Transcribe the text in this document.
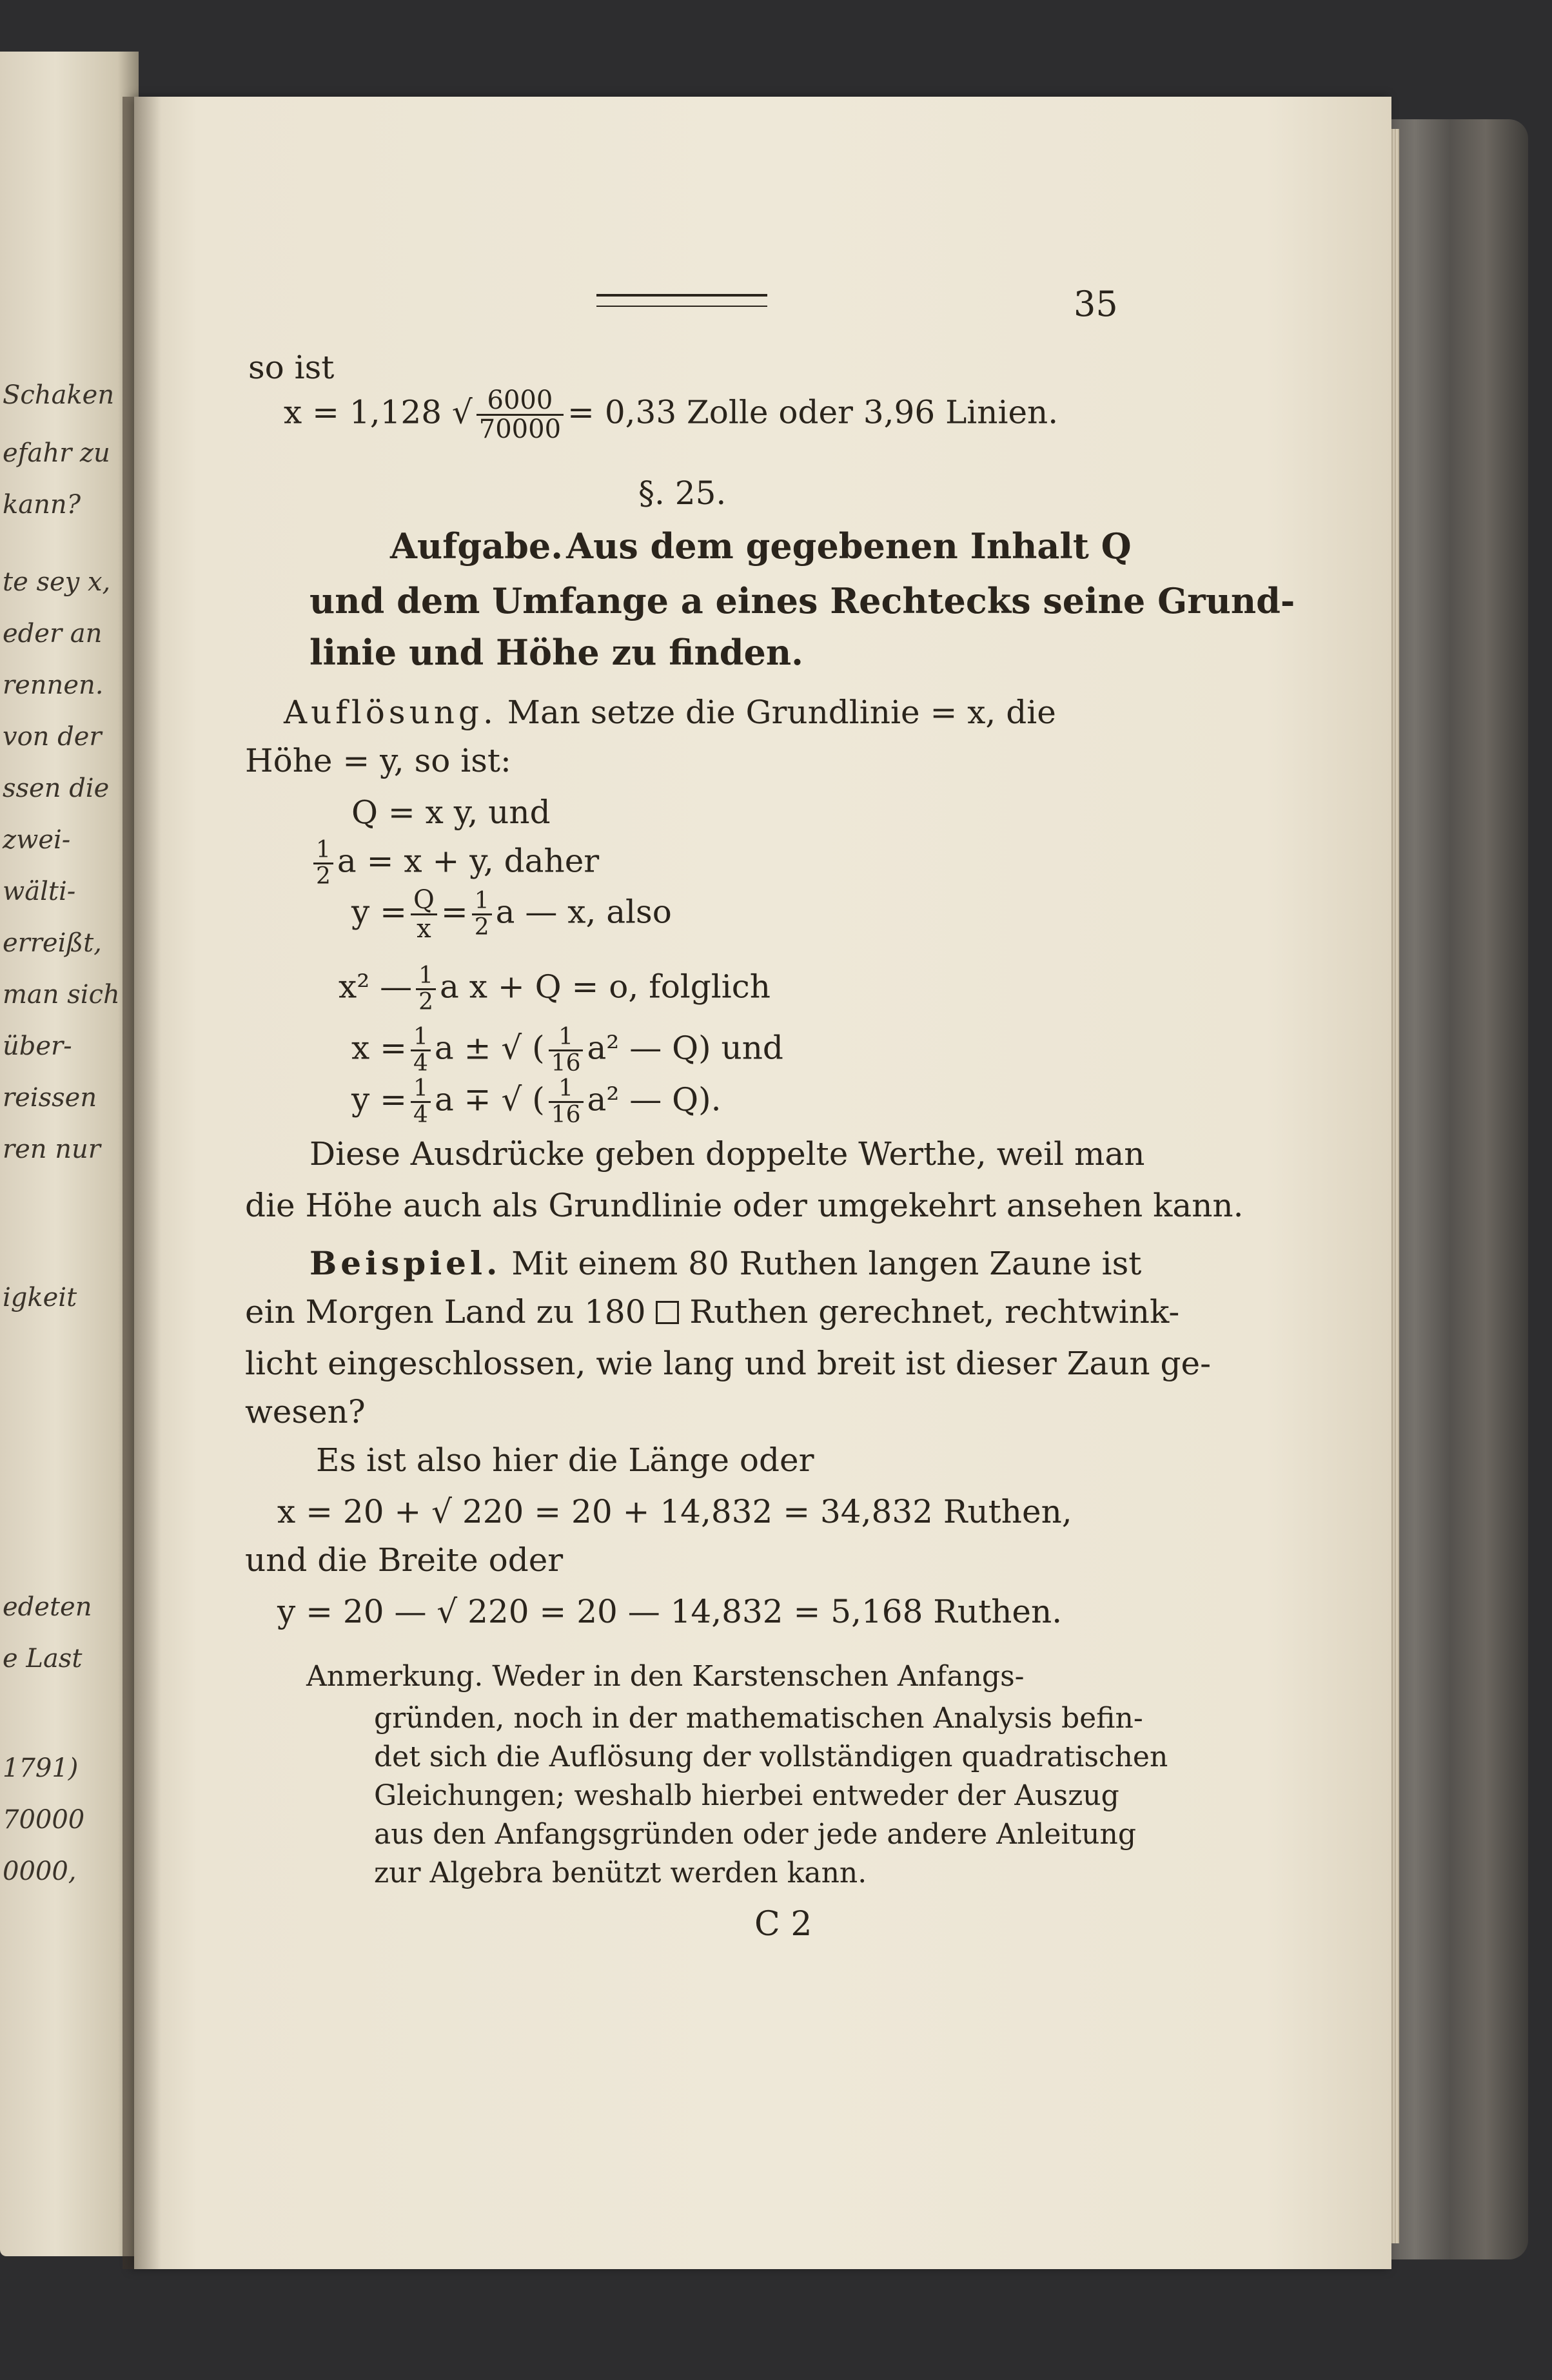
Schaken
efahr zu
kann?
te sey x,
eder an
rennen.
von der
ssen die
zwei-
wälti-
erreißt,
man sich
über-
reissen
ren nur
igkeit
edeten
e Last
1791)
70000
0000,
35
so ist
x = 1,128 √ $\frac{6000}{70000} = 0,33$ Zolle oder 3,96 Linien.
§. 25.
Aufgabe. Aus dem gegebenen Inhalt Q
und dem Umfange a eines Rechtecks seine Grund-
linie und Höhe zu finden.
Auflösung. Man setze die Grundlinie = x, die
Höhe = y, so ist:
Q = x y, und
$\frac{1}{2}$ a = x + y, daher
$y = \frac{Q}{x} = \frac{1}{2}$ a — x, also
x² — $\frac{1}{2}$ a x + Q = o, folglich
$x = \frac{1}{4}$ a ± √ ( $\frac{1}{16} a^2$ — Q) und
$y = \frac{1}{4}$ a ∓ √ ( $\frac{1}{16} a^2$ — Q).
Diese Ausdrücke geben doppelte Werthe, weil man
die Höhe auch als Grundlinie oder umgekehrt ansehen kann.
Beispiel. Mit einem 80 Ruthen langen Zaune ist
ein Morgen Land zu 180 Ruthen gerechnet, rechtwink-
licht eingeschlossen, wie lang und breit ist dieser Zaun ge-
wesen?
Es ist also hier die Länge oder
x = 20 + √ 220 = 20 + 14,832 = 34,832 Ruthen,
und die Breite oder
y = 20 — √ 220 = 20 — 14,832 = 5,168 Ruthen.
Anmerkung. Weder in den Karstenschen Anfangs-
gründen, noch in der mathematischen Analysis befin-
det sich die Auflösung der vollständigen quadratischen
Gleichungen; weshalb hierbei entweder der Auszug
aus den Anfangsgründen oder jede andere Anleitung
zur Algebra benützt werden kann.
C 2
